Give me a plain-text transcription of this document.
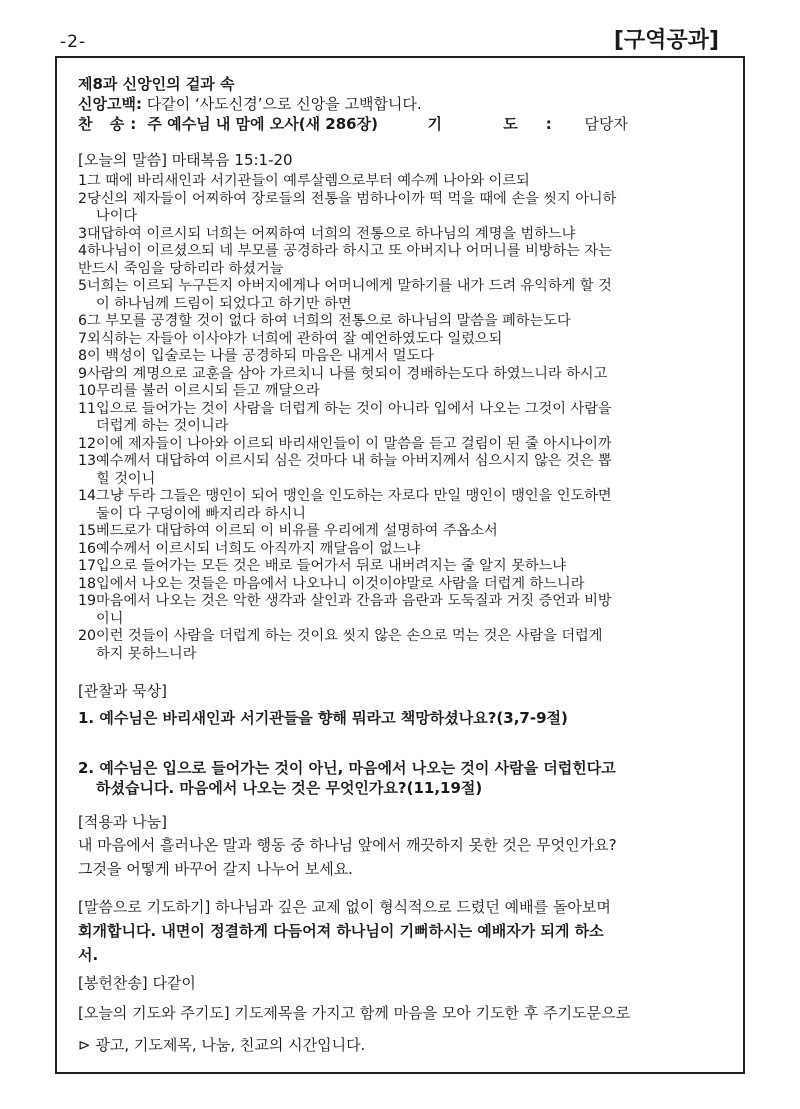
-2-	[구역공과]
제8과 신앙인의 겉과 속
신앙고백: 다같이 ‘사도신경’으로 신앙을 고백합니다.
찬 송: 주 예수님 내 맘에 오사(새 286장)	기 도: 담당자
[오늘의 말씀] 마태복음 15:1-20
1그 때에 바리새인과 서기관들이 예루살렘으로부터 예수께 나아와 이르되
2당신의 제자들이 어찌하여 장로들의 전통을 범하나이까 떡 먹을 때에 손을 씻지 아니하
나이다
3대답하여 이르시되 너희는 어찌하여 너희의 전통으로 하나님의 계명을 범하느냐
4하나님이 이르셨으되 네 부모를 공경하라 하시고 또 아버지나 어머니를 비방하는 자는
반드시 죽임을 당하리라 하셨거늘
5너희는 이르되 누구든지 아버지에게나 어머니에게 말하기를 내가 드려 유익하게 할 것
이 하나님께 드림이 되었다고 하기만 하면
6그 부모를 공경할 것이 없다 하여 너희의 전통으로 하나님의 말씀을 폐하는도다
7외식하는 자들아 이사야가 너희에 관하여 잘 예언하였도다 일렀으되
8이 백성이 입술로는 나를 공경하되 마음은 내게서 멀도다
9사람의 계명으로 교훈을 삼아 가르치니 나를 헛되이 경배하는도다 하였느니라 하시고
10무리를 불러 이르시되 듣고 깨달으라
11입으로 들어가는 것이 사람을 더럽게 하는 것이 아니라 입에서 나오는 그것이 사람을
더럽게 하는 것이니라
12이에 제자들이 나아와 이르되 바리새인들이 이 말씀을 듣고 걸림이 된 줄 아시나이까
13예수께서 대답하여 이르시되 심은 것마다 내 하늘 아버지께서 심으시지 않은 것은 뽑
힐 것이니
14그냥 두라 그들은 맹인이 되어 맹인을 인도하는 자로다 만일 맹인이 맹인을 인도하면
둘이 다 구덩이에 빠지리라 하시니
15베드로가 대답하여 이르되 이 비유를 우리에게 설명하여 주옵소서
16예수께서 이르시되 너희도 아직까지 깨달음이 없느냐
17입으로 들어가는 모든 것은 배로 들어가서 뒤로 내버려지는 줄 알지 못하느냐
18입에서 나오는 것들은 마음에서 나오나니 이것이야말로 사람을 더럽게 하느니라
19마음에서 나오는 것은 악한 생각과 살인과 간음과 음란과 도둑질과 거짓 증언과 비방
이니
20이런 것들이 사람을 더럽게 하는 것이요 씻지 않은 손으로 먹는 것은 사람을 더럽게
하지 못하느니라
[관찰과 묵상]
1. 예수님은 바리새인과 서기관들을 향해 뭐라고 책망하셨나요?(3,7-9절)
2. 예수님은 입으로 들어가는 것이 아닌, 마음에서 나오는 것이 사람을 더럽힌다고
하셨습니다. 마음에서 나오는 것은 무엇인가요?(11,19절)
[적용과 나눔]
내 마음에서 흘러나온 말과 행동 중 하나님 앞에서 깨끗하지 못한 것은 무엇인가요?
그것을 어떻게 바꾸어 갈지 나누어 보세요.
[말씀으로 기도하기] 하나님과 깊은 교제 없이 형식적으로 드렸던 예배를 돌아보며
회개합니다. 내면이 정결하게 다듬어져 하나님이 기뻐하시는 예배자가 되게 하소
서.
[봉헌찬송] 다같이
[오늘의 기도와 주기도] 기도제목을 가지고 함께 마음을 모아 기도한 후 주기도문으로
⊳ 광고, 기도제목, 나눔, 친교의 시간입니다.
